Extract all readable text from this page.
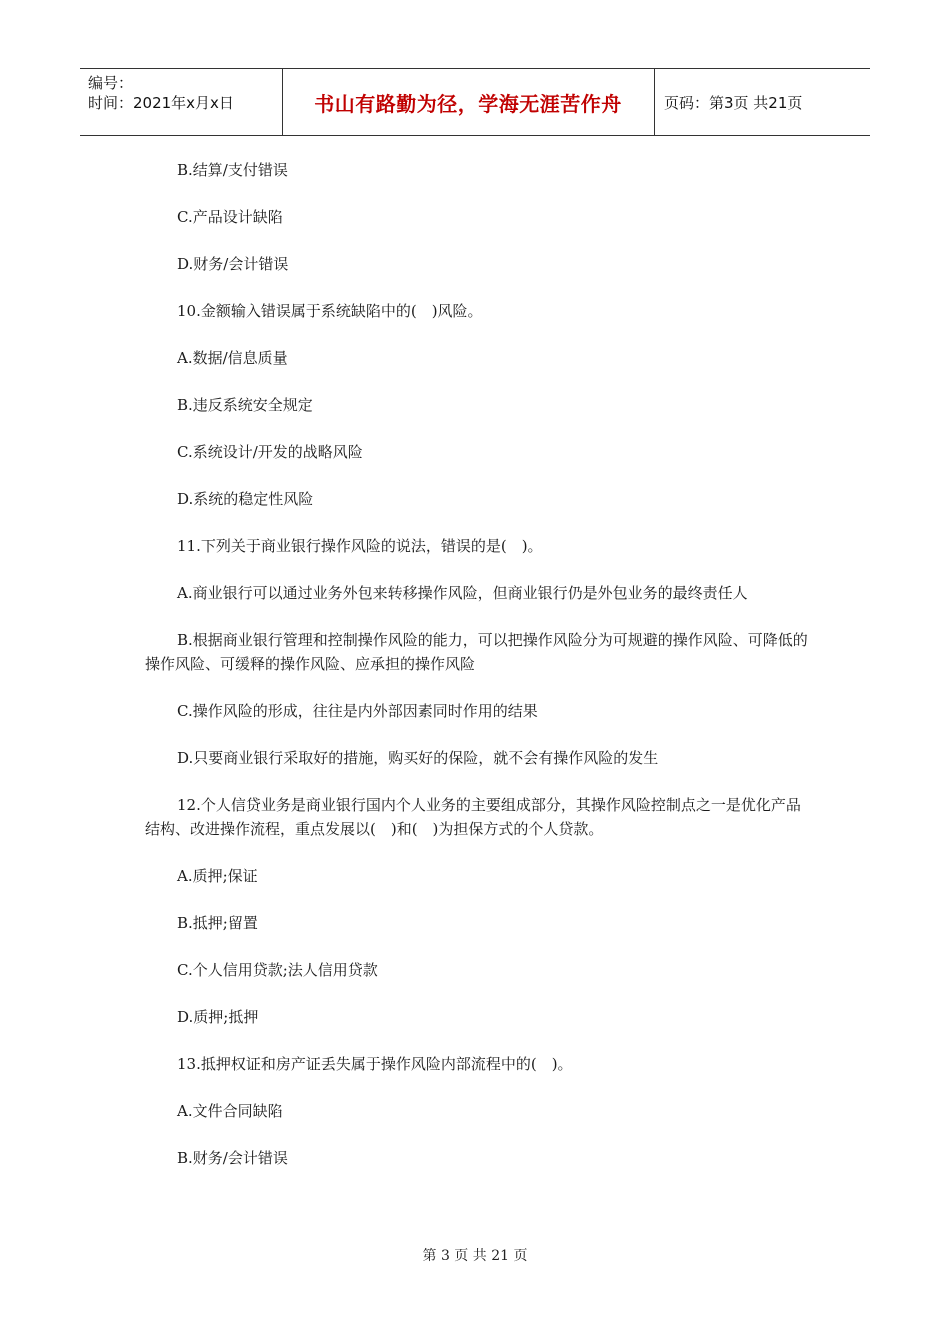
编号：
时间：2021年x月x日	书山有路勤为径，学海无涯苦作舟	页码：第3页 共21页

B.结算/支付错误

C.产品设计缺陷

D.财务/会计错误

10.金额输入错误属于系统缺陷中的(　)风险。

A.数据/信息质量

B.违反系统安全规定

C.系统设计/开发的战略风险

D.系统的稳定性风险

11.下列关于商业银行操作风险的说法，错误的是(　)。

A.商业银行可以通过业务外包来转移操作风险，但商业银行仍是外包业务的最终责任人

B.根据商业银行管理和控制操作风险的能力，可以把操作风险分为可规避的操作风险、可降低的操作风险、可缓释的操作风险、应承担的操作风险

C.操作风险的形成，往往是内外部因素同时作用的结果

D.只要商业银行采取好的措施，购买好的保险，就不会有操作风险的发生

12.个人信贷业务是商业银行国内个人业务的主要组成部分，其操作风险控制点之一是优化产品结构、改进操作流程，重点发展以(　)和(　)为担保方式的个人贷款。

A.质押;保证

B.抵押;留置

C.个人信用贷款;法人信用贷款

D.质押;抵押

13.抵押权证和房产证丢失属于操作风险内部流程中的(　)。

A.文件合同缺陷

B.财务/会计错误

第 3 页 共 21 页
